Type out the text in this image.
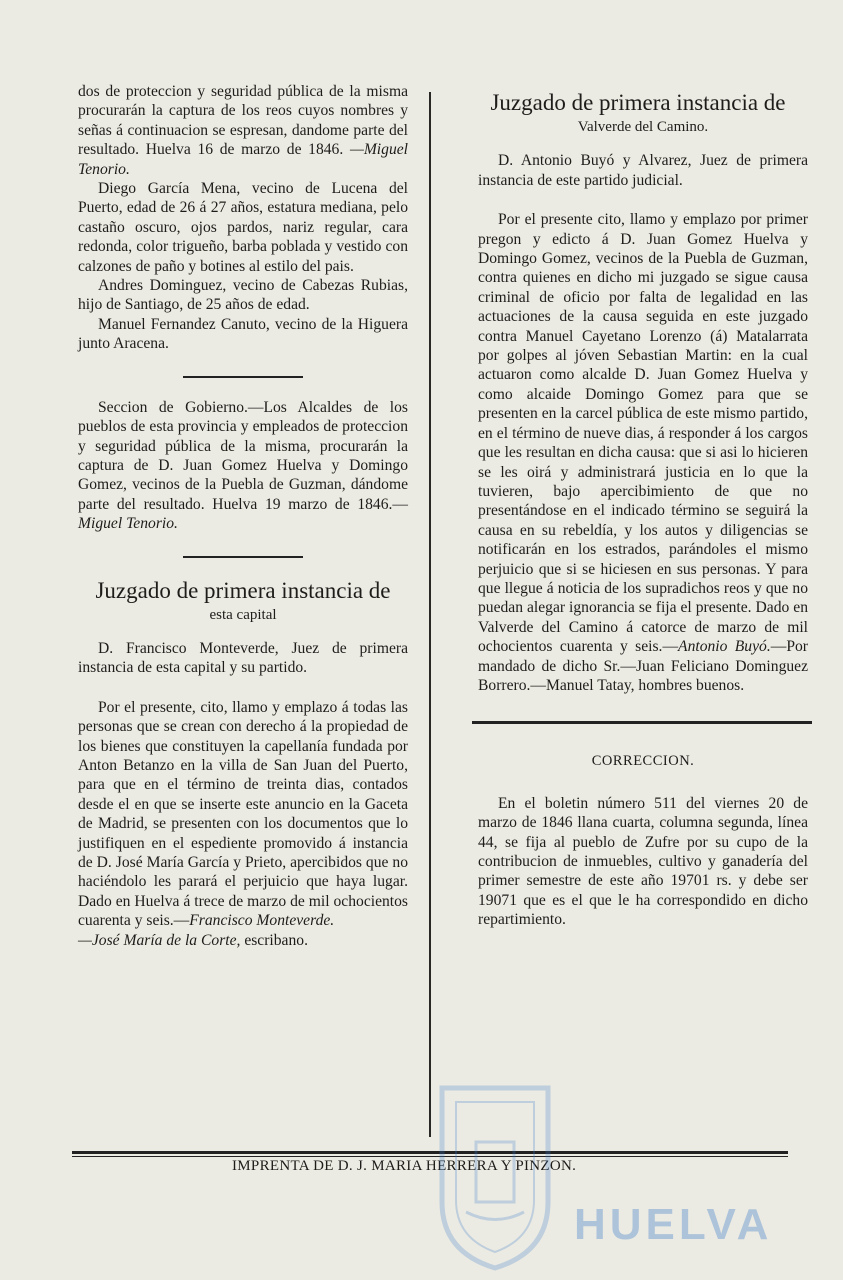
dos de proteccion y seguridad pública de la misma procurarán la captura de los reos cuyos nombres y señas á continuacion se espresan, dandome parte del resultado. Huelva 16 de marzo de 1846. —Miguel Tenorio.

Diego García Mena, vecino de Lucena del Puerto, edad de 26 á 27 años, estatura mediana, pelo castaño oscuro, ojos pardos, nariz regular, cara redonda, color trigueño, barba poblada y vestido con calzones de paño y botines al estilo del pais.

Andres Dominguez, vecino de Cabezas Rubias, hijo de Santiago, de 25 años de edad.

Manuel Fernandez Canuto, vecino de la Higuera junto Aracena.

Seccion de Gobierno.—Los Alcaldes de los pueblos de esta provincia y empleados de proteccion y seguridad pública de la misma, procurarán la captura de D. Juan Gomez Huelva y Domingo Gomez, vecinos de la Puebla de Guzman, dándome parte del resultado. Huelva 19 marzo de 1846.—Miguel Tenorio.

Juzgado de primera instancia de
esta capital

D. Francisco Monteverde, Juez de primera instancia de esta capital y su partido.

Por el presente, cito, llamo y emplazo á todas las personas que se crean con derecho á la propiedad de los bienes que constituyen la capellanía fundada por Anton Betanzo en la villa de San Juan del Puerto, para que en el término de treinta dias, contados desde el en que se inserte este anuncio en la Gaceta de Madrid, se presenten con los documentos que lo justifiquen en el espediente promovido á instancia de D. José María García y Prieto, apercibidos que no haciéndolo les parará el perjuicio que haya lugar. Dado en Huelva á trece de marzo de mil ochocientos cuarenta y seis.—Francisco Monteverde.
—José María de la Corte, escribano.

Juzgado de primera instancia de
Valverde del Camino.

D. Antonio Buyó y Alvarez, Juez de primera instancia de este partido judicial.

Por el presente cito, llamo y emplazo por primer pregon y edicto á D. Juan Gomez Huelva y Domingo Gomez, vecinos de la Puebla de Guzman, contra quienes en dicho mi juzgado se sigue causa criminal de oficio por falta de legalidad en las actuaciones de la causa seguida en este juzgado contra Manuel Cayetano Lorenzo (á) Matalarrata por golpes al jóven Sebastian Martin: en la cual actuaron como alcalde D. Juan Gomez Huelva y como alcaide Domingo Gomez para que se presenten en la carcel pública de este mismo partido, en el término de nueve dias, á responder á los cargos que les resultan en dicha causa: que si asi lo hicieren se les oirá y administrará justicia en lo que la tuvieren, bajo apercibimiento de que no presentándose en el indicado término se seguirá la causa en su rebeldía, y los autos y diligencias se notificarán en los estrados, parándoles el mismo perjuicio que si se hiciesen en sus personas. Y para que llegue á noticia de los supradichos reos y que no puedan alegar ignorancia se fija el presente. Dado en Valverde del Camino á catorce de marzo de mil ochocientos cuarenta y seis.—Antonio Buyó.—Por mandado de dicho Sr.—Juan Feliciano Dominguez Borrero.—Manuel Tatay, hombres buenos.

CORRECCION.

En el boletin número 511 del viernes 20 de marzo de 1846 llana cuarta, columna segunda, línea 44, se fija al pueblo de Zufre por su cupo de la contribucion de inmuebles, cultivo y ganadería del primer semestre de este año 19701 rs. y debe ser 19071 que es el que le ha correspondido en dicho repartimiento.

IMPRENTA DE D. J. MARIA HERRERA Y PINZON.
HUELVA
